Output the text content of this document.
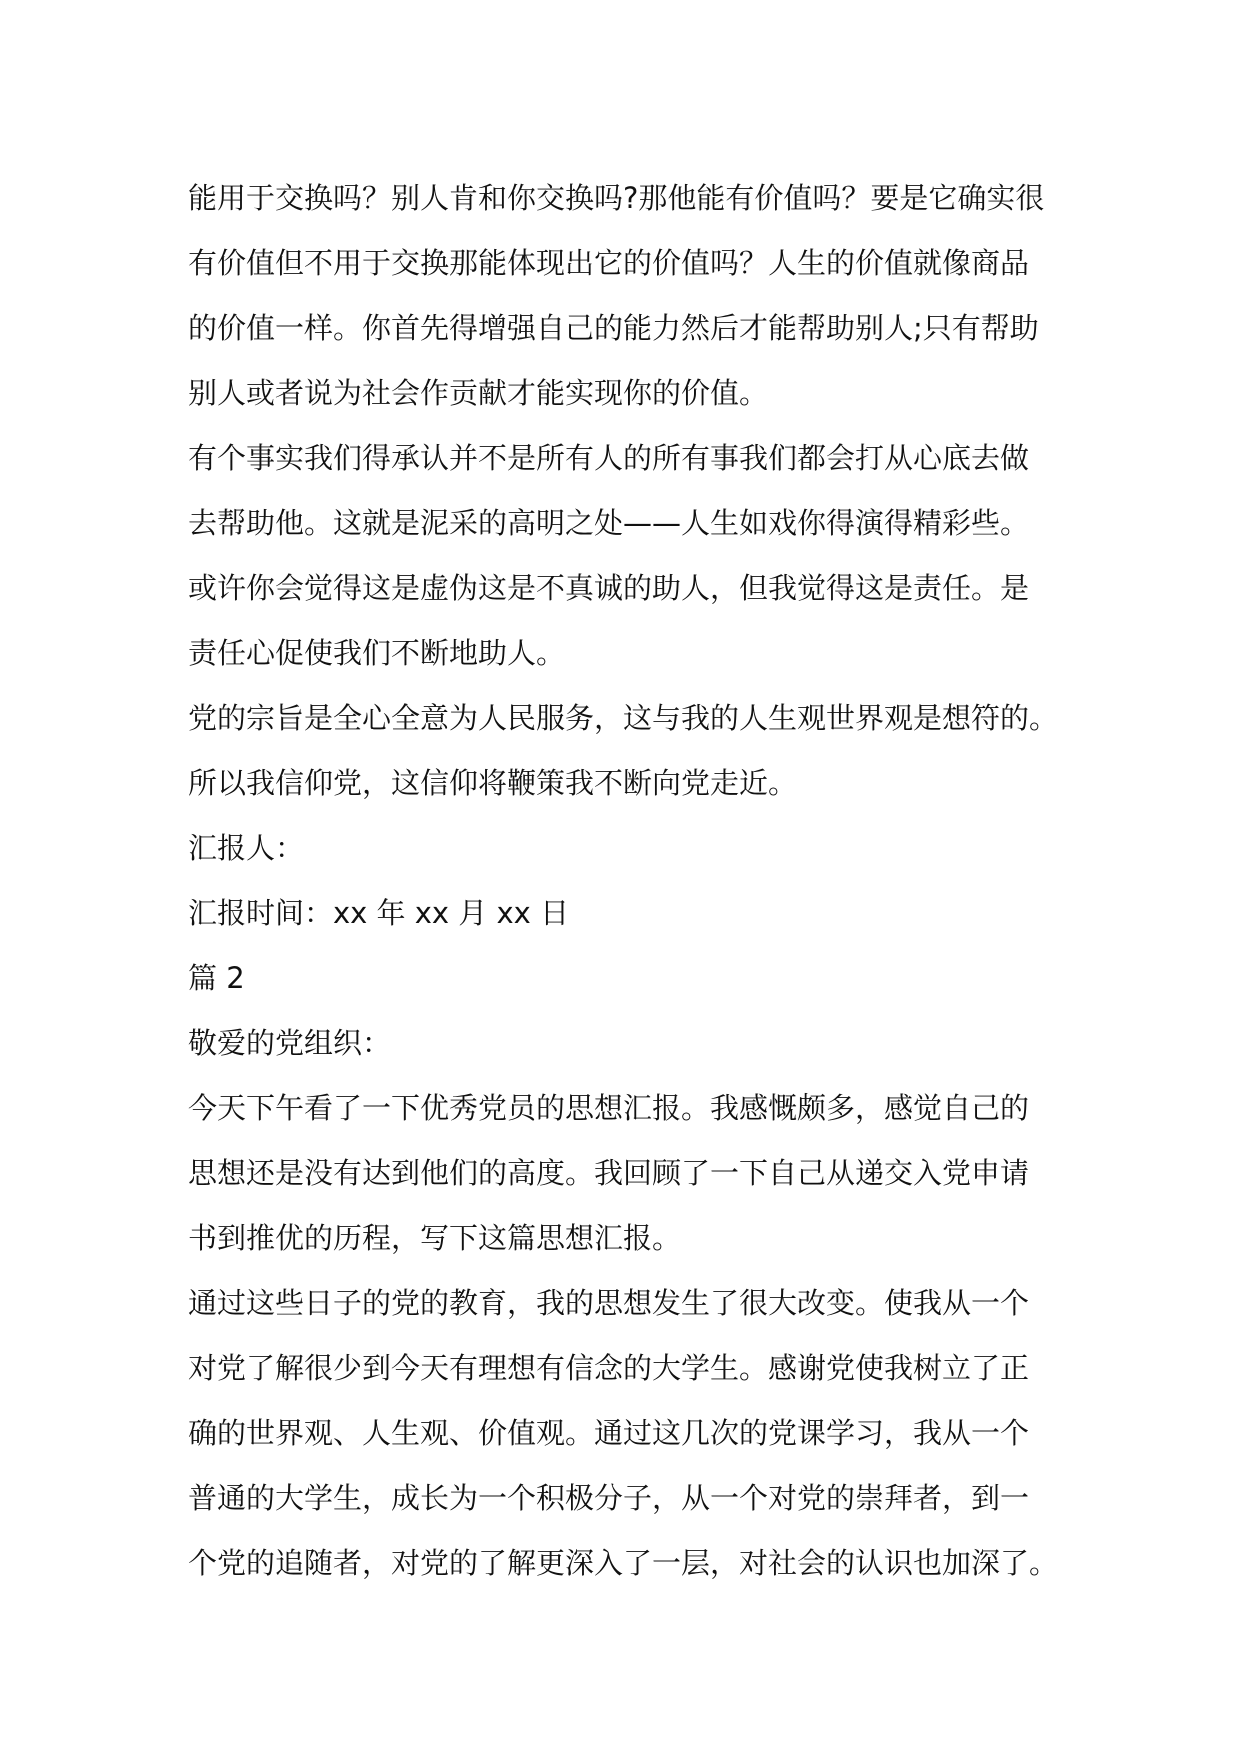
能用于交换吗？别人肯和你交换吗?那他能有价值吗？要是它确实很
有价值但不用于交换那能体现出它的价值吗？人生的价值就像商品
的价值一样。你首先得增强自己的能力然后才能帮助别人;只有帮助
别人或者说为社会作贡献才能实现你的价值。
有个事实我们得承认并不是所有人的所有事我们都会打从心底去做
去帮助他。这就是泥采的高明之处——人生如戏你得演得精彩些。
或许你会觉得这是虚伪这是不真诚的助人，但我觉得这是责任。是
责任心促使我们不断地助人。
党的宗旨是全心全意为人民服务，这与我的人生观世界观是想符的。
所以我信仰党，这信仰将鞭策我不断向党走近。
汇报人：
汇报时间：xx 年 xx 月 xx 日
篇 2
敬爱的党组织：
今天下午看了一下优秀党员的思想汇报。我感慨颇多，感觉自己的
思想还是没有达到他们的高度。我回顾了一下自己从递交入党申请
书到推优的历程，写下这篇思想汇报。
通过这些日子的党的教育，我的思想发生了很大改变。使我从一个
对党了解很少到今天有理想有信念的大学生。感谢党使我树立了正
确的世界观、人生观、价值观。通过这几次的党课学习，我从一个
普通的大学生，成长为一个积极分子，从一个对党的崇拜者，到一
个党的追随者，对党的了解更深入了一层，对社会的认识也加深了。
